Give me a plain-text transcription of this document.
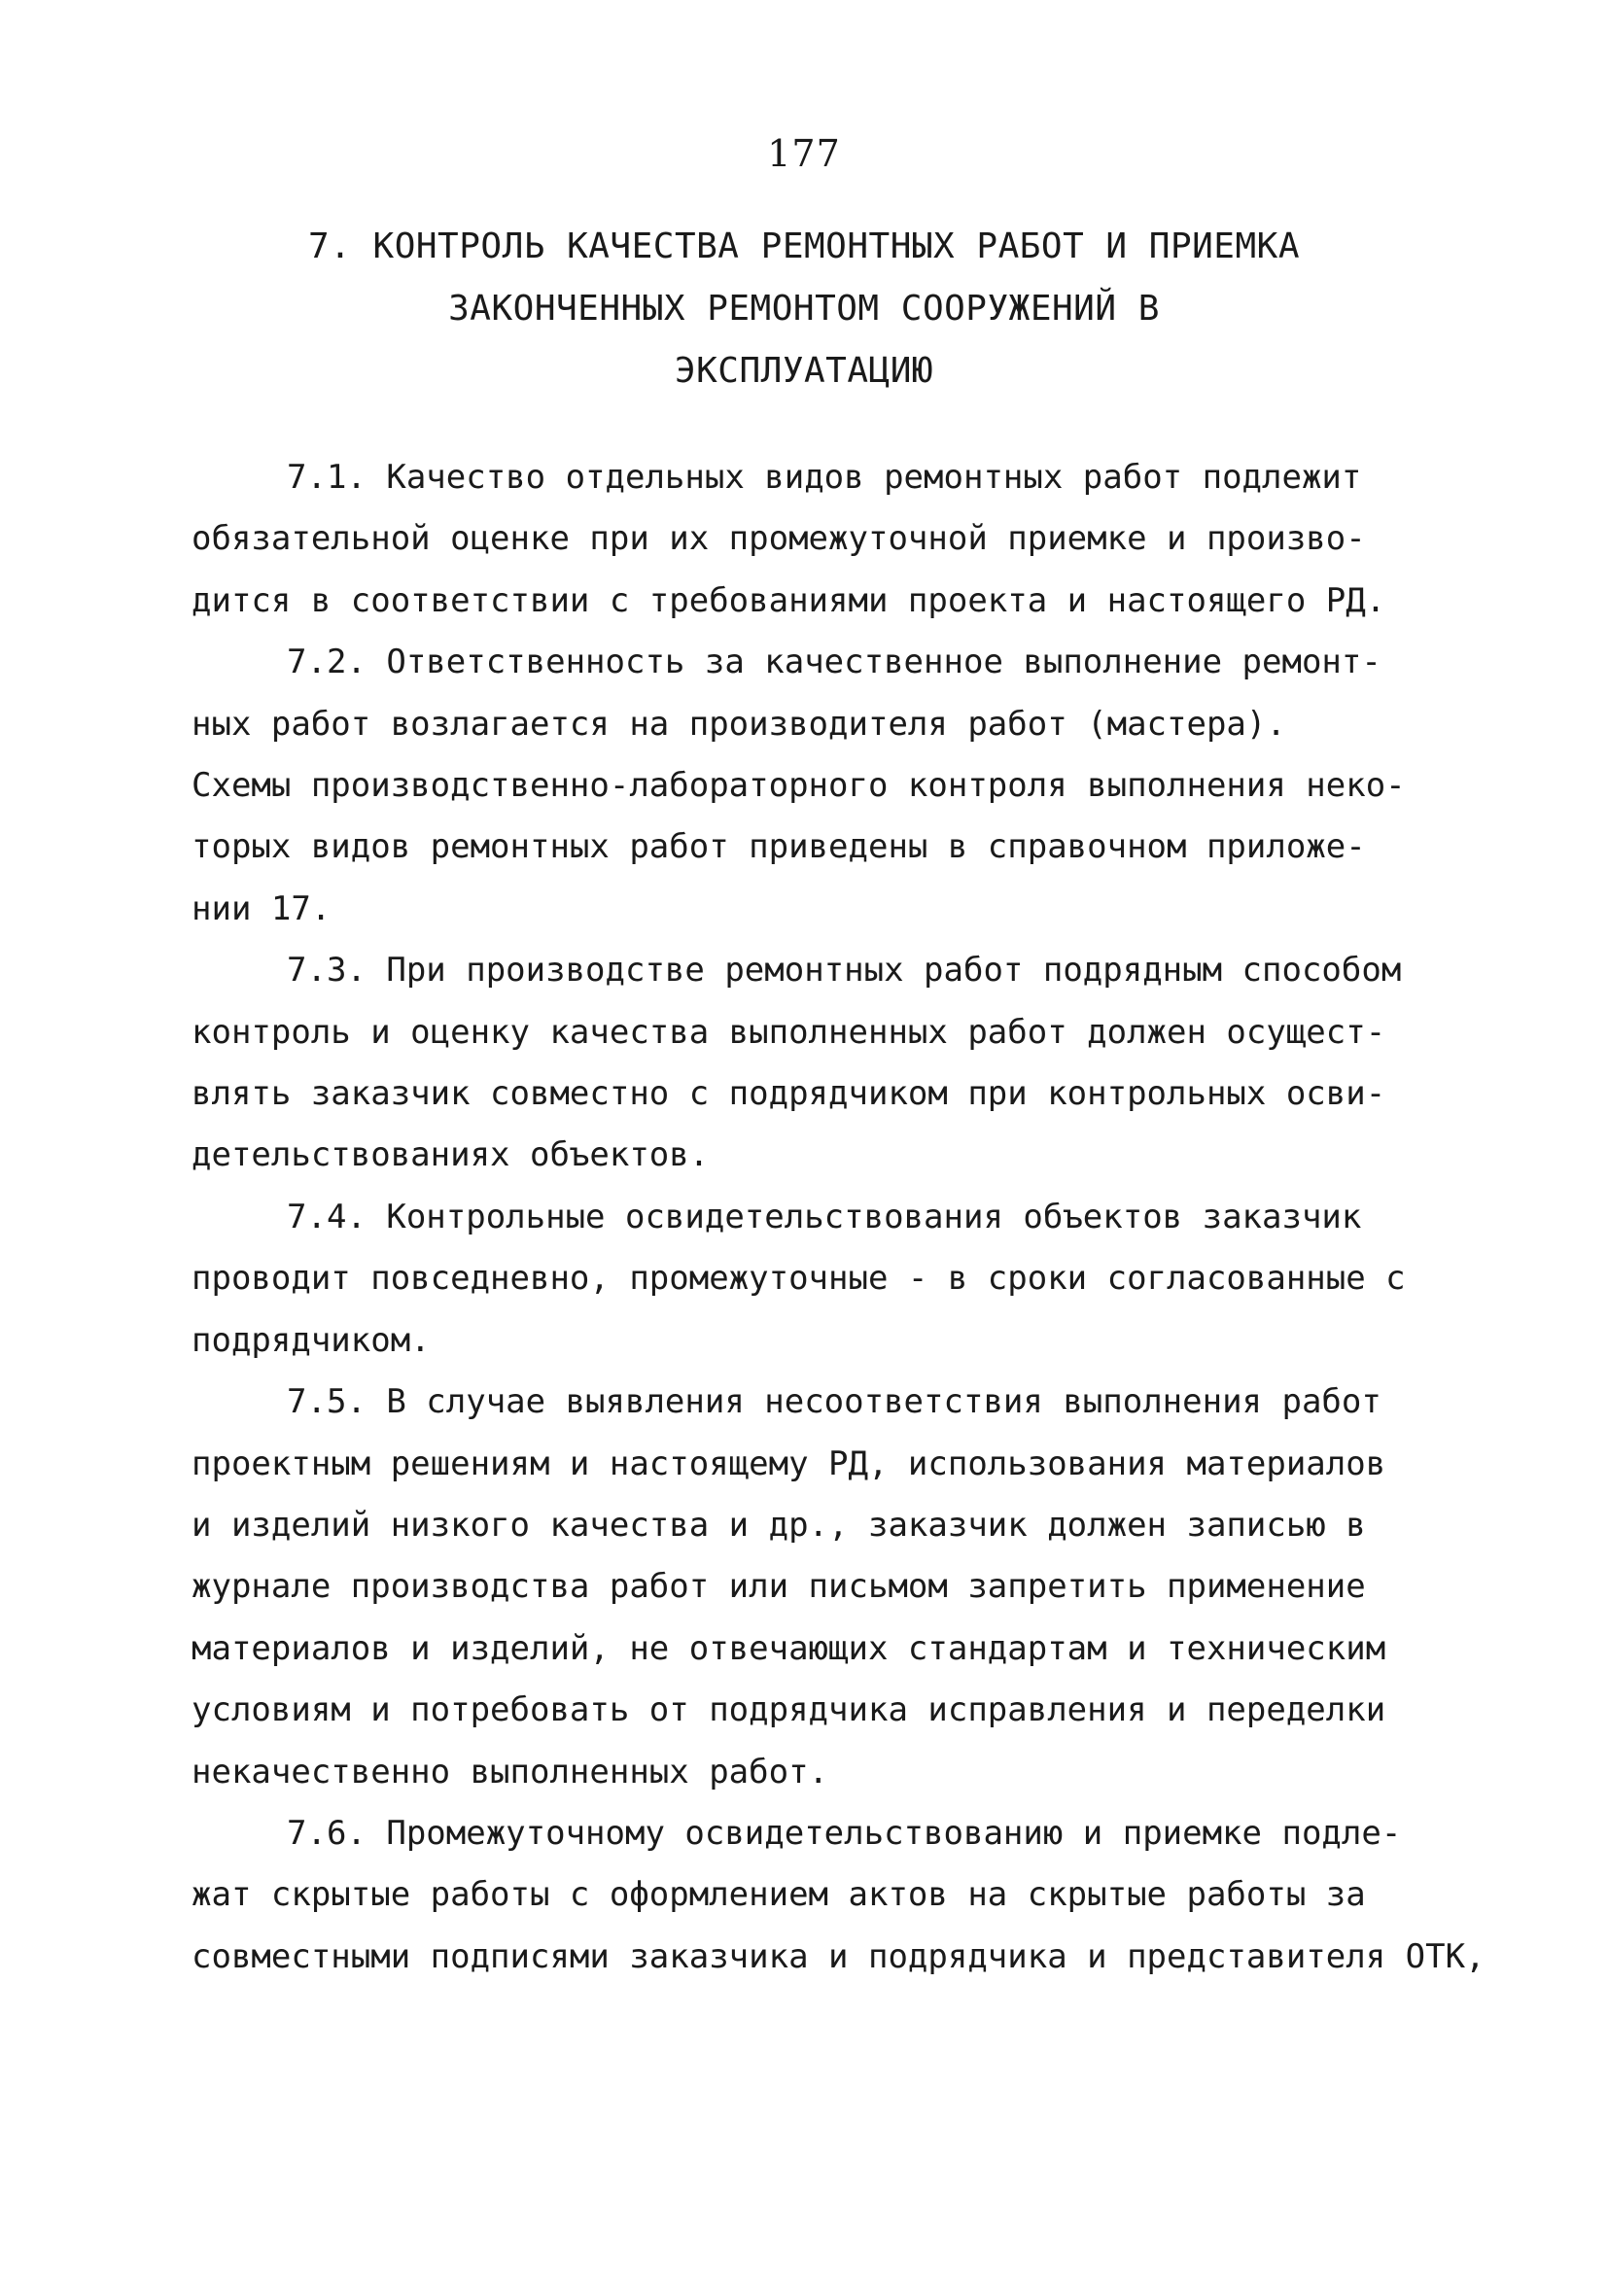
177
7. КОНТРОЛЬ КАЧЕСТВА РЕМОНТНЫХ РАБОТ И ПРИЕМКА
ЗАКОНЧЕННЫХ РЕМОНТОМ СООРУЖЕНИЙ В
ЭКСПЛУАТАЦИЮ
7.1. Качество отдельных видов ремонтных работ подлежит
обязательной оценке при их промежуточной приемке и произво-
дится в соответствии с требованиями проекта и настоящего РД.
7.2. Ответственность за качественное выполнение ремонт-
ных работ возлагается на производителя работ (мастера).
Схемы производственно-лабораторного контроля выполнения неко-
торых видов ремонтных работ приведены в справочном приложе-
нии 17.
7.3. При производстве ремонтных работ подрядным способом
контроль и оценку качества выполненных работ должен осущест-
влять заказчик совместно с подрядчиком при контрольных осви-
детельствованиях объектов.
7.4. Контрольные освидетельствования объектов заказчик
проводит повседневно, промежуточные - в сроки согласованные с
подрядчиком.
7.5. В случае выявления несоответствия выполнения работ
проектным решениям и настоящему РД, использования материалов
и изделий низкого качества и др., заказчик должен записью в
журнале производства работ или письмом запретить применение
материалов и изделий, не отвечающих стандартам и техническим
условиям и потребовать от подрядчика исправления и переделки
некачественно выполненных работ.
7.6. Промежуточному освидетельствованию и приемке подле-
жат скрытые работы с оформлением актов на скрытые работы за
совместными подписями заказчика и подрядчика и представителя ОТК,
